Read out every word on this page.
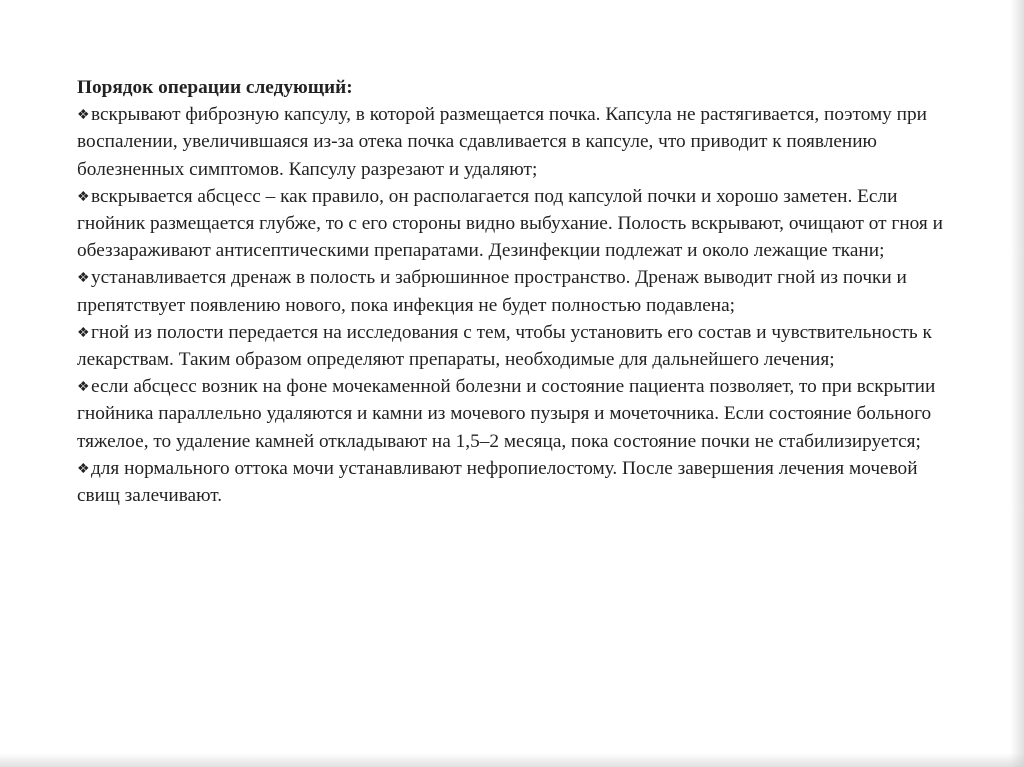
Порядок операции следующий:

❖вскрывают фиброзную капсулу, в которой размещается почка. Капсула не растягивается, поэтому при воспалении, увеличившаяся из-за отека почка сдавливается в капсуле, что приводит к появлению болезненных симптомов. Капсулу разрезают и удаляют;

❖вскрывается абсцесс – как правило, он располагается под капсулой почки и хорошо заметен. Если гнойник размещается глубже, то с его стороны видно выбухание. Полость вскрывают, очищают от гноя и обеззараживают антисептическими препаратами. Дезинфекции подлежат и около лежащие ткани;

❖устанавливается дренаж в полость и забрюшинное пространство. Дренаж выводит гной из почки и препятствует появлению нового, пока инфекция не будет полностью подавлена;

❖гной из полости передается на исследования с тем, чтобы установить его состав и чувствительность к лекарствам. Таким образом определяют препараты, необходимые для дальнейшего лечения;

❖если абсцесс возник на фоне мочекаменной болезни и состояние пациента позволяет, то при вскрытии гнойника параллельно удаляются и камни из мочевого пузыря и мочеточника. Если состояние больного тяжелое, то удаление камней откладывают на 1,5–2 месяца, пока состояние почки не стабилизируется;

❖для нормального оттока мочи устанавливают нефропиелостому. После завершения лечения мочевой свищ залечивают.
